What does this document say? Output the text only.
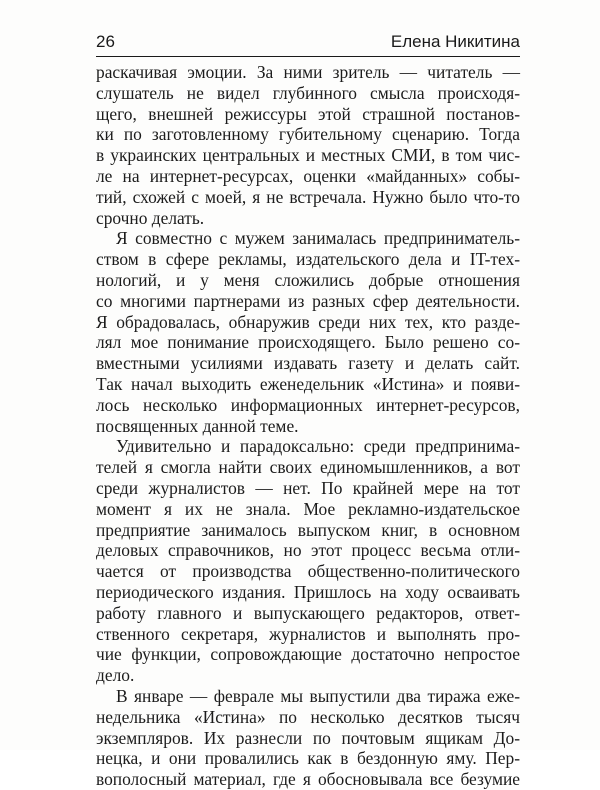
26	Елена Никитина
раскачивая эмоции. За ними зритель — читатель —
слушатель не видел глубинного смысла происходя-
щего, внешней режиссуры этой страшной постанов-
ки по заготовленному губительному сценарию. Тогда
в украинских центральных и местных СМИ, в том чис-
ле на интернет-ресурсах, оценки «майданных» собы-
тий, схожей с моей, я не встречала. Нужно было что-то
срочно делать.
Я совместно с мужем занималась предприниматель-
ством в сфере рекламы, издательского дела и IT-тех-
нологий, и у меня сложились добрые отношения
со многими партнерами из разных сфер деятельности.
Я обрадовалась, обнаружив среди них тех, кто разде-
лял мое понимание происходящего. Было решено со-
вместными усилиями издавать газету и делать сайт.
Так начал выходить еженедельник «Истина» и появи-
лось несколько информационных интернет-ресурсов,
посвященных данной теме.
Удивительно и парадоксально: среди предпринима-
телей я смогла найти своих единомышленников, а вот
среди журналистов — нет. По крайней мере на тот
момент я их не знала. Мое рекламно-издательское
предприятие занималось выпуском книг, в основном
деловых справочников, но этот процесс весьма отли-
чается от производства общественно-политического
периодического издания. Пришлось на ходу осваивать
работу главного и выпускающего редакторов, ответ-
ственного секретаря, журналистов и выполнять про-
чие функции, сопровождающие достаточно непростое
дело.
В январе — феврале мы выпустили два тиража еже-
недельника «Истина» по несколько десятков тысяч
экземпляров. Их разнесли по почтовым ящикам До-
нецка, и они провалились как в бездонную яму. Пер-
вополосный материал, где я обосновывала все безумие
